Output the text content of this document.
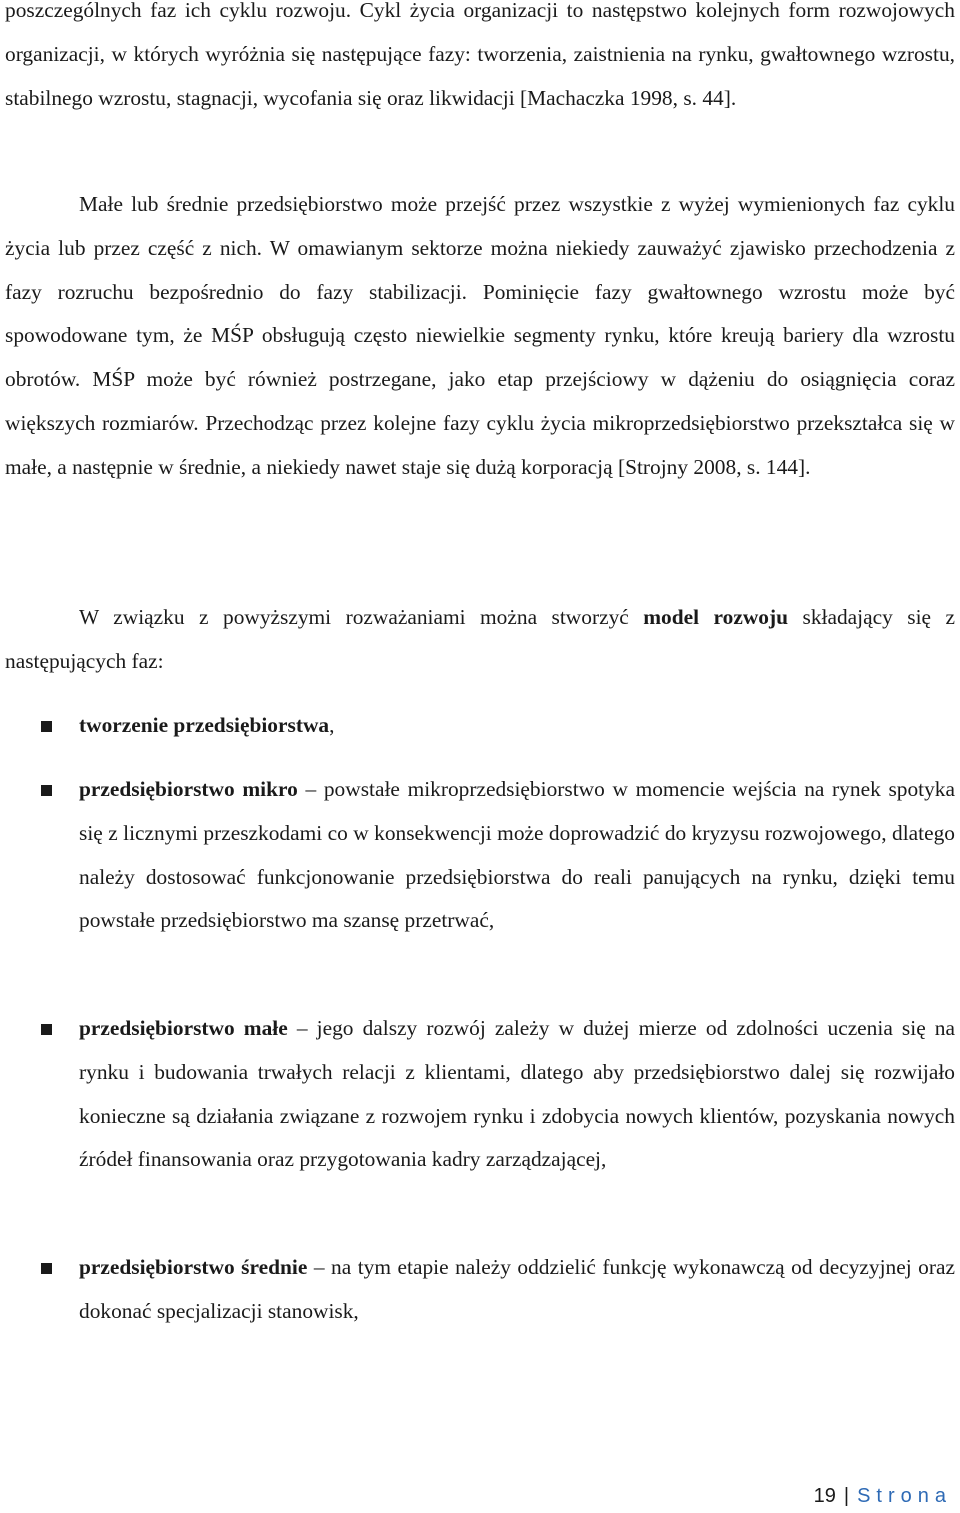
poszczególnych faz ich cyklu rozwoju. Cykl życia organizacji to następstwo kolejnych form rozwojowych organizacji, w których wyróżnia się następujące fazy: tworzenia, zaistnienia na rynku, gwałtownego wzrostu, stabilnego wzrostu, stagnacji, wycofania się oraz likwidacji [Machaczka 1998, s. 44].
Małe lub średnie przedsiębiorstwo może przejść przez wszystkie z wyżej wymienionych faz cyklu życia lub przez część z nich. W omawianym sektorze można niekiedy zauważyć zjawisko przechodzenia z fazy rozruchu bezpośrednio do fazy stabilizacji. Pominięcie fazy gwałtownego wzrostu może być spowodowane tym, że MŚP obsługują często niewielkie segmenty rynku, które kreują bariery dla wzrostu obrotów. MŚP może być również postrzegane, jako etap przejściowy w dążeniu do osiągnięcia coraz większych rozmiarów. Przechodząc przez kolejne fazy cyklu życia mikroprzedsiębiorstwo przekształca się w małe, a następnie w średnie, a niekiedy nawet staje się dużą korporacją [Strojny 2008, s. 144].
W związku z powyższymi rozważaniami można stworzyć model rozwoju składający się z następujących faz:
tworzenie przedsiębiorstwa,
przedsiębiorstwo mikro – powstałe mikroprzedsiębiorstwo w momencie wejścia na rynek spotyka się z licznymi przeszkodami co w konsekwencji może doprowadzić do kryzysu rozwojowego, dlatego należy dostosować funkcjonowanie przedsiębiorstwa do reali panujących na rynku, dzięki temu powstałe przedsiębiorstwo ma szansę przetrwać,
przedsiębiorstwo małe – jego dalszy rozwój zależy w dużej mierze od zdolności uczenia się na rynku i budowania trwałych relacji z klientami, dlatego aby przedsiębiorstwo dalej się rozwijało konieczne są działania związane z rozwojem rynku i zdobycia nowych klientów, pozyskania nowych źródeł finansowania oraz przygotowania kadry zarządzającej,
przedsiębiorstwo średnie – na tym etapie należy oddzielić funkcję wykonawczą od decyzyjnej oraz dokonać specjalizacji stanowisk,
19 | Strona
